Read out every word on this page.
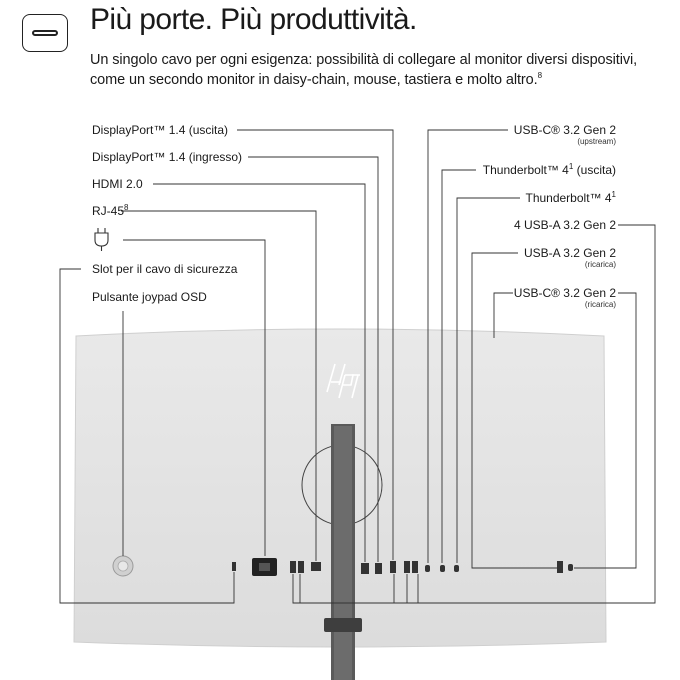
Più porte. Più produttività.
Un singolo cavo per ogni esigenza: possibilità di collegare al monitor diversi dispositivi, come un secondo monitor in daisy-chain, mouse, tastiera e molto altro.$^8$
DisplayPort™ 1.4 (uscita)
DisplayPort™ 1.4 (ingresso)
HDMI 2.0
$RJ-45^8$
Slot per il cavo di sicurezza
Pulsante joypad OSD
USB-C® 3.2 Gen 2
(upstream)
Thunderbolt™ $4^1$ (uscita)
Thunderbolt™ $4^1$
4 USB-A 3.2 Gen 2
USB-A 3.2 Gen 2
(ricarica)
USB-C® 3.2 Gen 2
(ricarica)
